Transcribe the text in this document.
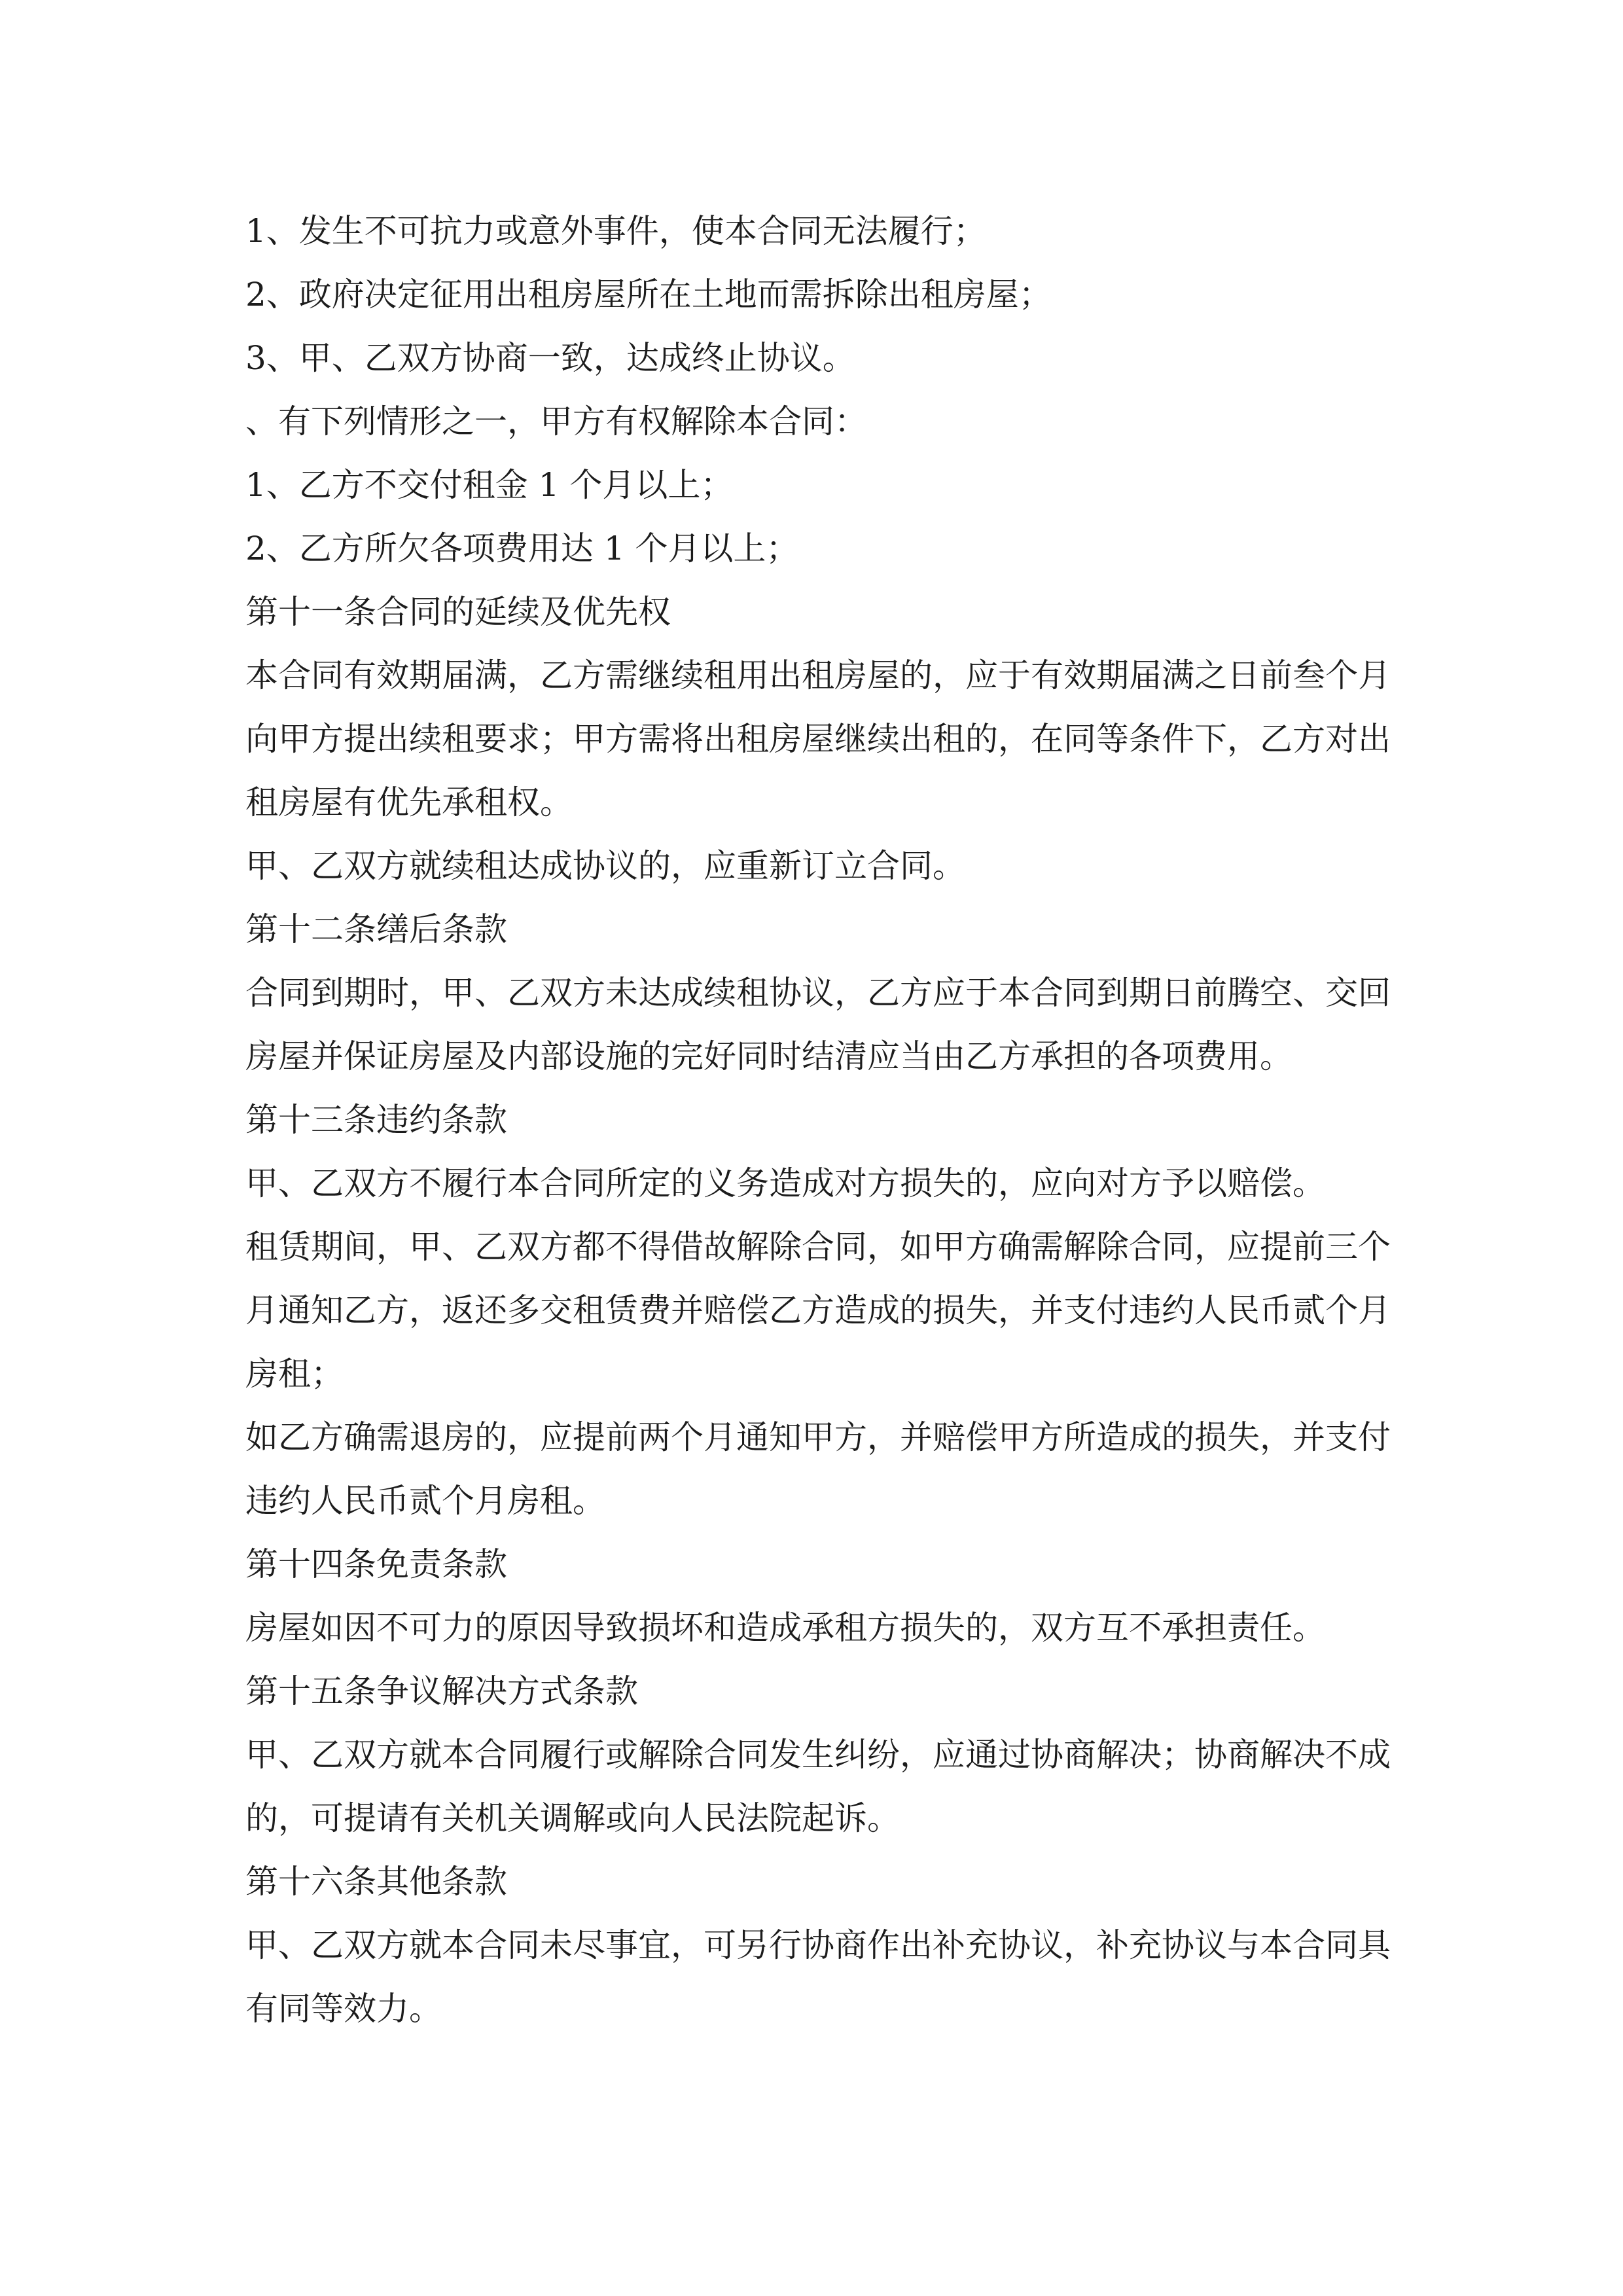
1、发生不可抗力或意外事件，使本合同无法履行；
2、政府决定征用出租房屋所在土地而需拆除出租房屋；
3、甲、乙双方协商一致，达成终止协议。
、有下列情形之一，甲方有权解除本合同：
1、乙方不交付租金 1 个月以上；
2、乙方所欠各项费用达 1 个月以上；
第十一条合同的延续及优先权
本合同有效期届满，乙方需继续租用出租房屋的，应于有效期届满之日前叁个月
向甲方提出续租要求；甲方需将出租房屋继续出租的，在同等条件下，乙方对出
租房屋有优先承租权。
甲、乙双方就续租达成协议的，应重新订立合同。
第十二条缮后条款
合同到期时，甲、乙双方未达成续租协议，乙方应于本合同到期日前腾空、交回
房屋并保证房屋及内部设施的完好同时结清应当由乙方承担的各项费用。
第十三条违约条款
甲、乙双方不履行本合同所定的义务造成对方损失的，应向对方予以赔偿。
租赁期间，甲、乙双方都不得借故解除合同，如甲方确需解除合同，应提前三个
月通知乙方，返还多交租赁费并赔偿乙方造成的损失，并支付违约人民币贰个月
房租；
如乙方确需退房的，应提前两个月通知甲方，并赔偿甲方所造成的损失，并支付
违约人民币贰个月房租。
第十四条免责条款
房屋如因不可力的原因导致损坏和造成承租方损失的，双方互不承担责任。
第十五条争议解决方式条款
甲、乙双方就本合同履行或解除合同发生纠纷，应通过协商解决；协商解决不成
的，可提请有关机关调解或向人民法院起诉。
第十六条其他条款
甲、乙双方就本合同未尽事宜，可另行协商作出补充协议，补充协议与本合同具
有同等效力。
